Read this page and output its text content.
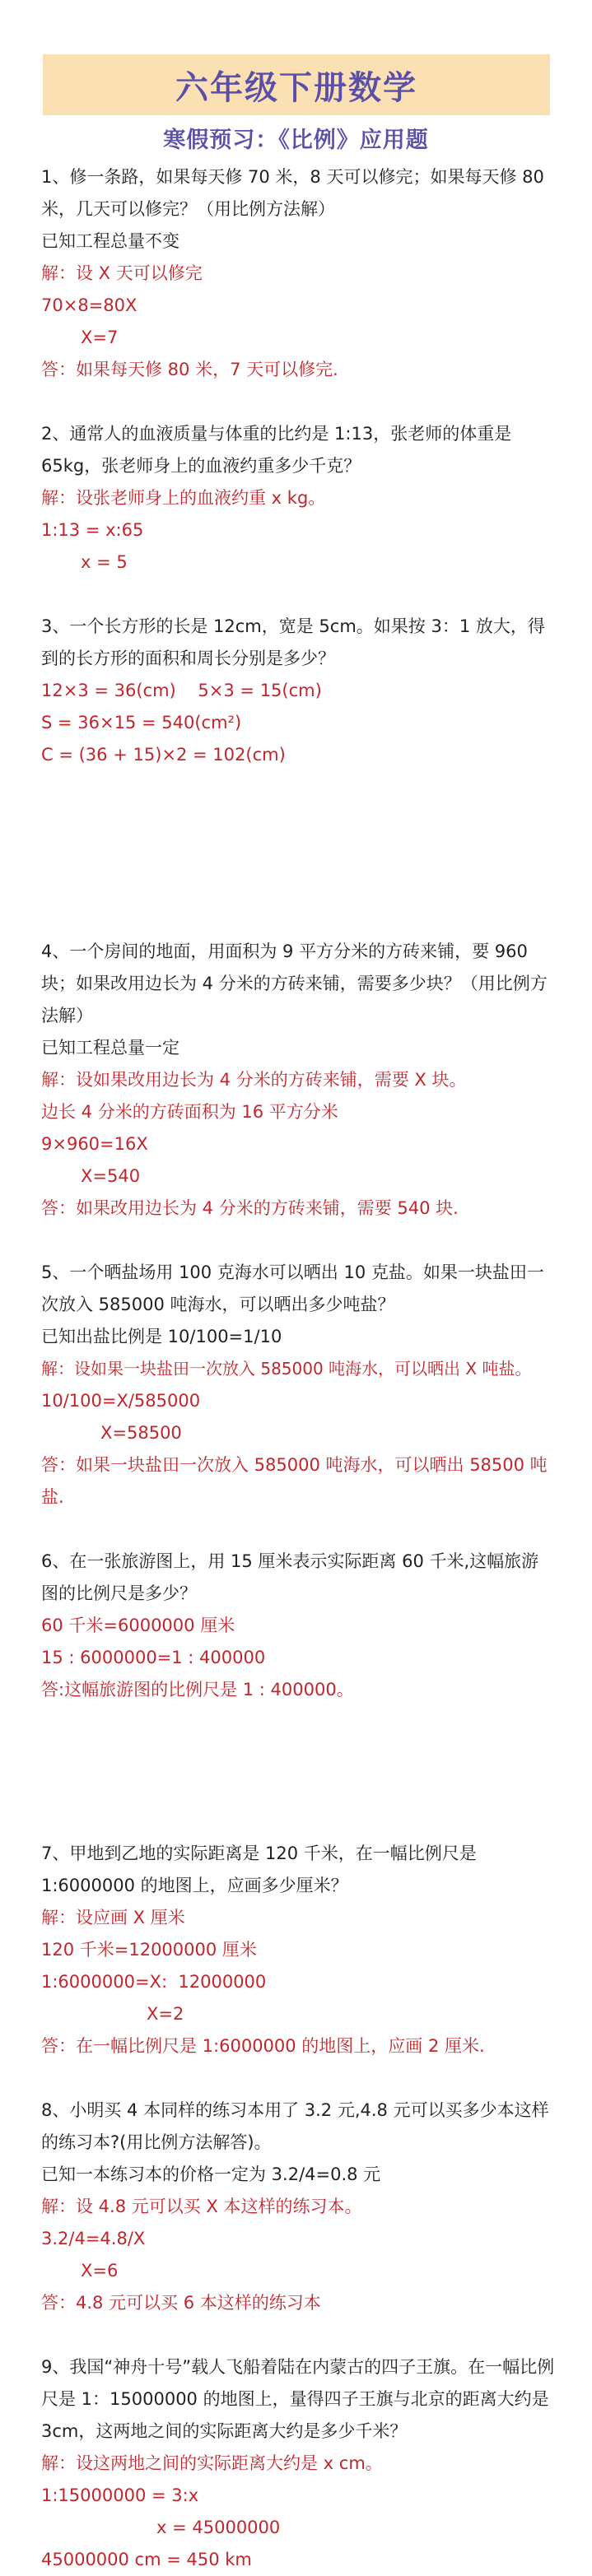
六年级下册数学
寒假预习：《比例》应用题

1、修一条路，如果每天修 70 米，8 天可以修完；如果每天修 80 米，几天可以修完？（用比例方法解）

已知工程总量不变

解：设 X 天可以修完

70×8=80X

X=7

答：如果每天修 80 米，7 天可以修完.

2、通常人的血液质量与体重的比约是 1:13，张老师的体重是 65kg，张老师身上的血液约重多少千克？

解：设张老师身上的血液约重 x kg。

1:13 = x:65

x = 5

3、一个长方形的长是 12cm，宽是 5cm。如果按 3：1 放大，得到的长方形的面积和周长分别是多少？

12×3 = 36(cm)    5×3 = 15(cm)

S = 36×15 = 540(cm²)

C = (36 + 15)×2 = 102(cm)

4、一个房间的地面，用面积为 9 平方分米的方砖来铺，要 960 块；如果改用边长为 4 分米的方砖来铺，需要多少块？（用比例方法解）

已知工程总量一定

解：设如果改用边长为 4 分米的方砖来铺，需要 X 块。

边长 4 分米的方砖面积为 16 平方分米

9×960=16X

X=540

答：如果改用边长为 4 分米的方砖来铺，需要 540 块.

5、一个晒盐场用 100 克海水可以晒出 10 克盐。如果一块盐田一次放入 585000 吨海水，可以晒出多少吨盐？

已知出盐比例是 10/100=1/10

解：设如果一块盐田一次放入 585000 吨海水，可以晒出 X 吨盐。

10/100=X/585000

X=58500

答：如果一块盐田一次放入 585000 吨海水，可以晒出 58500 吨盐.

6、在一张旅游图上，用 15 厘米表示实际距离 60 千米,这幅旅游图的比例尺是多少？

60 千米=6000000 厘米

15 : 6000000=1 : 400000

答:这幅旅游图的比例尺是 1 : 400000。

7、甲地到乙地的实际距离是 120 千米，在一幅比例尺是 1:6000000 的地图上，应画多少厘米？

解：设应画 X 厘米

120 千米=12000000 厘米

1:6000000=X:  12000000

X=2

答：在一幅比例尺是 1:6000000 的地图上，应画 2 厘米.

8、小明买 4 本同样的练习本用了 3.2 元,4.8 元可以买多少本这样的练习本?(用比例方法解答)。

已知一本练习本的价格一定为 3.2/4=0.8 元

解：设 4.8 元可以买 X 本这样的练习本。

3.2/4=4.8/X

X=6

答：4.8 元可以买 6 本这样的练习本

9、我国“神舟十号”载人飞船着陆在内蒙古的四子王旗。在一幅比例尺是 1：15000000 的地图上，量得四子王旗与北京的距离大约是 3cm，这两地之间的实际距离大约是多少千米？

解：设这两地之间的实际距离大约是 x cm。

1:15000000 = 3:x

x = 45000000

45000000 cm = 450 km
